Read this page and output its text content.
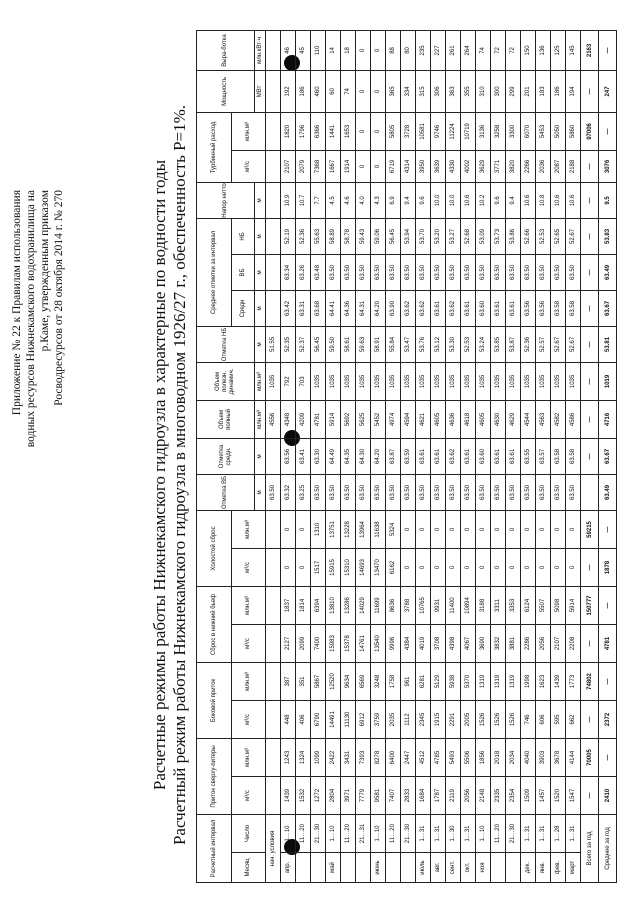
Приложение № 22 к Правилам использования водных ресурсов Нижнекамского водохранилища на р.Каме, утвержденным приказом Росводресурсов от 28 октября 2014 г. № 270	Расчетные режимы работы Нижнекамского гидроузла в характерные по водности годы Расчетный режим работы Нижнекамского гидроузла в многоводном 1926/27 г., обеспеченность P=1%.
Расчетный интервал		Приток сверху-питеры		Боковой приток		Сброс в нижний бьеф		Холостой сброс		Отметка ВБ	Отметка средн.	Объем полный	Объем полезн. динамич.	Отметка НБ	Среднее отметки за интервал			Напор нетто	Турбинный расход		Мощность	Выра-ботка
Месяц	Число	м³/с	млн.м³	м³/с	млн.м³	м³/с	млн.м³	м³/с	млн.м³						Средн	ВБ	НБ		м³/с	млн.м³		
										м	м	млн.м³	млн.м³	м	м	м	м	м			МВт	млн.кВт·ч
нач. условия										63.50		4556	1035	51.55								
апр.	1…10	1439	1243	448	387	2127	1837	0	0	63.32	63.56	4348	792	52.35	63.42	63.34	52.19	10.9	2107	1820	192	46
	11…20	1532	1324	406	351	2099	1814	0	0	63.25	63.41	4209	703	52.37	63.31	63.26	52.36	10.7	2079	1796	186	45
	21…30	1272	1099	6790	5867	7400	6394	1517	1310	63.50	63.30	4781	1035	56.45	63.68	63.48	55.63	7.7	7368	6366	460	110
май	1…10	2804	2422	14491	12520	15983	13810	15915	13751	63.50	64.49	5914	1035	59.50	64.41	63.50	58.89	4.5	1667	1441	60	14
	11…20	3971	3431	11130	9634	15378	13286	15310	13228	63.50	64.35	5692	1035	58.61	64.36	63.50	58.78	4.6	1914	1653	74	18
	21…31	7779	7393	6912	6569	14761	14029	14693	13964	63.50	64.30	5625	1035	59.63	64.31	63.50	59.43	4.0	0	0	0	0
июнь	1…10	9581	8278	3759	3248	13540	11699	13470	11638	63.50	64.20	5452	1035	58.91	64.20	63.50	59.06	4.3	0	0	0	0
	11…20	7407	6400	2035	1758	9996	8636	6162	5324	63.50	63.87	4974	1035	55.84	63.90	63.50	56.45	6.9	6719	5805	365	88
	21…30	2833	2447	1112	961	4384	3788	0	0	63.50	63.59	4594	1035	53.47	63.62	63.50	53.94	9.4	4314	3728	334	80
июль	1…31	1684	4512	2345	6281	4019	10765	0	0	63.50	63.61	4621	1035	53.76	63.62	63.50	53.70	9.6	3950	10581	315	235
авг.	1…31	1787	4785	1915	5129	3708	9931	0	0	63.50	63.61	4605	1035	53.12	63.61	63.50	53.20	10.0	3639	9746	306	227
сент.	1…30	2119	5493	2291	5938	4398	11400	0	0	63.50	63.62	4636	1035	53.30	63.62	63.50	53.27	10.0	4330	11224	363	261
окт.	1…31	2056	5506	2005	5370	4067	10894	0	0	63.50	63.61	4618	1035	52.53	63.61	63.50	52.68	10.6	4002	10719	355	264
ноя	1…10	2148	1856	1526	1319	3690	3188	0	0	63.50	63.60	4605	1035	53.24	63.60	63.50	53.09	10.2	3629	3136	310	74
	11…20	2335	2018	1526	1319	3832	3311	0	0	63.50	63.61	4630	1035	53.85	63.61	63.50	53.73	9.6	3771	3258	300	72
	21…30	2354	2034	1526	1319	3881	3353	0	0	63.50	63.61	4629	1035	53.87	63.61	63.50	53.86	9.4	3820	3300	299	72
дек.	1…31	1509	4040	746	1998	2286	6124	0	0	63.50	63.55	4544	1035	52.36	63.56	63.50	52.66	10.6	2266	6070	201	150
янв.	1…31	1457	3903	606	1623	2056	5507	0	0	63.50	63.57	4563	1035	52.57	63.56	63.50	52.53	10.8	2036	5453	183	136
фев.	1…28	1520	3678	595	1439	2107	5098	0	0	63.50	63.58	4582	1035	52.67	63.58	63.50	52.65	10.6	2087	5050	186	125
март	1…31	1547	4144	662	1773	2208	5914	0	0	63.50	63.58	4586	1035	52.67	63.58	63.50	52.67	10.6	2188	5860	194	145
Всего за год		—	70005	—	74802	—	150777	—	59215		—	—	—	—	—	—	—	—	—	97006	—	2163
Среднее за год		2410	—	2372	—	4781	—	1878	—	63.49	63.67	4716	1019	53.81	63.67	63.49	53.83	9.5	3076	—	247	—
